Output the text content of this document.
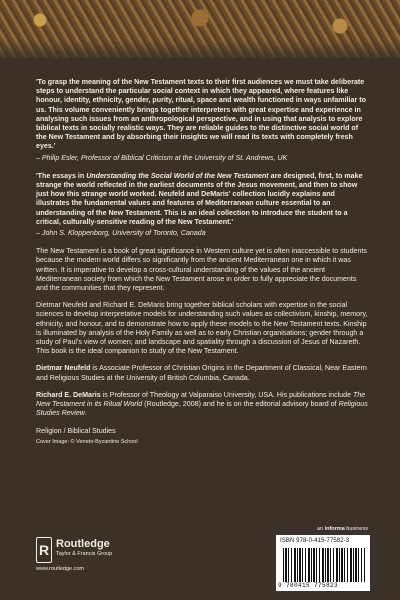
'To grasp the meaning of the New Testament texts to their first audiences we must take deliberate steps to understand the particular social context in which they appeared, where features like honour, identity, ethnicity, gender, purity, ritual, space and wealth functioned in ways unfamiliar to us. This volume conveniently brings together interpreters with great expertise and experience in analysing such issues from an anthropological perspective, and in using that analysis to explore biblical texts in socially realistic ways. They are reliable guides to the distinctive social world of the New Testament and by absorbing their insights we will read its texts with completely fresh eyes.'

– Philip Esler, Professor of Biblical Criticism at the University of St. Andrews, UK

'The essays in Understanding the Social World of the New Testament are designed, first, to make strange the world reflected in the earliest documents of the Jesus movement, and then to show just how this strange world worked. Neufeld and DeMaris' collection lucidly explains and illustrates the fundamental values and features of Mediterranean culture essential to an understanding of the New Testament. This is an ideal collection to introduce the student to a critical, culturally-sensitive reading of the New Testament.'

– John S. Kloppenborg, University of Toronto, Canada

The New Testament is a book of great significance in Western culture yet is often inaccessible to students because the modern world differs so significantly from the ancient Mediterranean one in which it was written. It is imperative to develop a cross-cultural understanding of the values of the ancient Mediterranean society from which the New Testament arose in order to fully appreciate the documents and the communities that they represent.

Dietmar Neufeld and Richard E. DeMaris bring together biblical scholars with expertise in the social sciences to develop interpretative models for understanding such values as collectivism, kinship, memory, ethnicity, and honour, and to demonstrate how to apply these models to the New Testament texts. Kinship is illuminated by analysis of the Holy Family as well as to early Christian organisations; gender through a study of Paul's view of women; and landscape and spatiality through a discussion of Jesus of Nazareth. This book is the ideal companion to study of the New Testament.

Dietmar Neufeld is Associate Professor of Christian Origins in the Department of Classical, Near Eastern and Religious Studies at the University of British Columbia, Canada.

Richard E. DeMaris is Professor of Theology at Valparaiso University, USA. His publications include The New Testament in its Ritual World (Routledge, 2008) and he is on the editorial advisory board of Religious Studies Review.

Religion / Biblical Studies
Cover Image: © Veneto-Byzantine School
R Routledge
Taylor & Francis Group
www.routledge.com
an informa business
ISBN 978-0-415-77582-3
9 780415 775823
